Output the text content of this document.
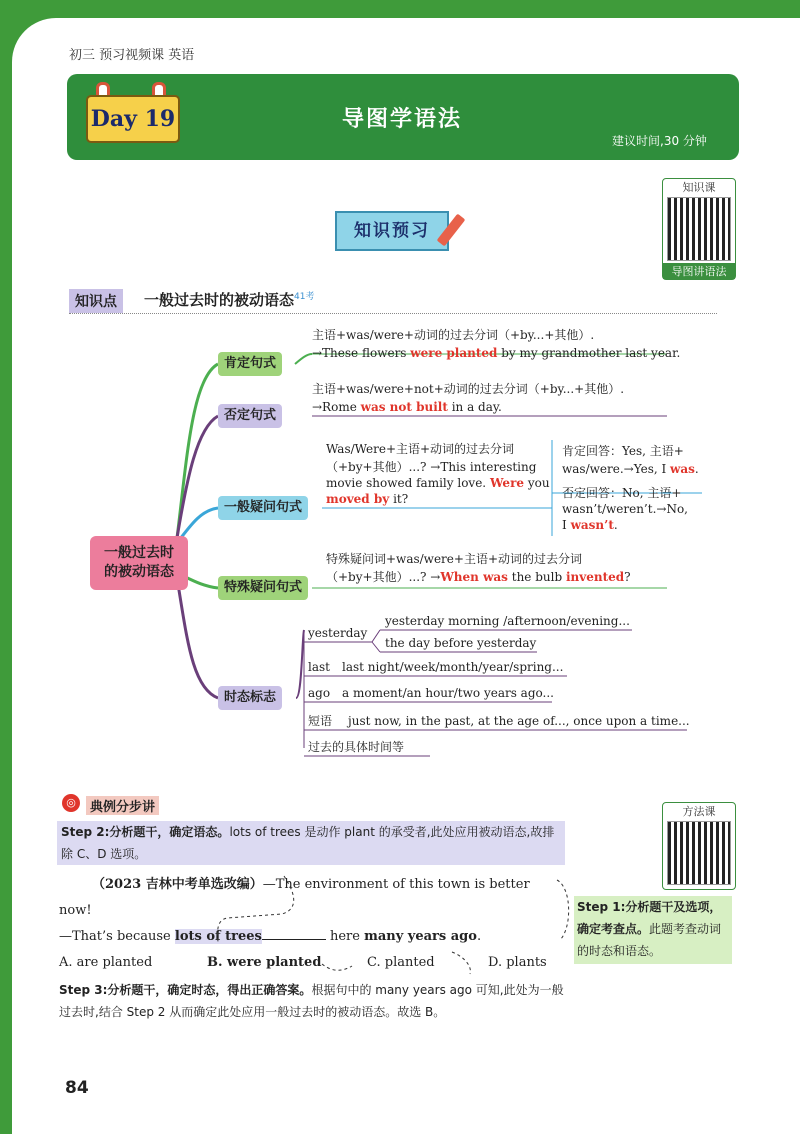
初三 预习视频课 英语
Day 19	导图学语法
建议时间,30 分钟
知识课
导图讲语法
知识预习
知识点	一般过去时的被动语态$^{41考}$
一般过去时
的被动语态
肯定句式
主语+was/were+动词的过去分词（+by...+其他）.
→These flowers were planted by my grandmother last year.
否定句式
主语+was/were+not+动词的过去分词（+by...+其他）.
→Rome was not built in a day.
一般疑问句式
Was/Were+主语+动词的过去分词
（+by+其他）...? →This interesting
movie showed family love. Were you
moved by it?
肯定回答：Yes, 主语+
was/were.→Yes, I was.
否定回答：No, 主语+
wasn’t/weren’t.→No,
I wasn’t.
特殊疑问句式
特殊疑问词+was/were+主语+动词的过去分词
（+by+其他）...? →When was the bulb invented?
时态标志
yesterday
yesterday morning /afternoon/evening...
the day before yesterday
last last night/week/month/year/spring...
ago a moment/an hour/two years ago...
短语 just now, in the past, at the age of..., once upon a time...
过去的具体时间等
◎	典例分步讲	方法课
Step 2:分析题干，确定语态。lots of trees 是动作 plant 的承受者,此处应用被动语态,故排除 C、D 选项。
（2023 吉林中考单选改编）—The environment of this town is better
now!
—That’s because lots of trees	here many years ago.
A. are planted	B. were planted	C. planted	D. plants
Step 1:分析题干及选项，确定考查点。此题考查动词的时态和语态。
Step 3:分析题干，确定时态，得出正确答案。根据句中的 many years ago 可知,此处为一般过去时,结合 Step 2 从而确定此处应用一般过去时的被动语态。故选 B。
84
